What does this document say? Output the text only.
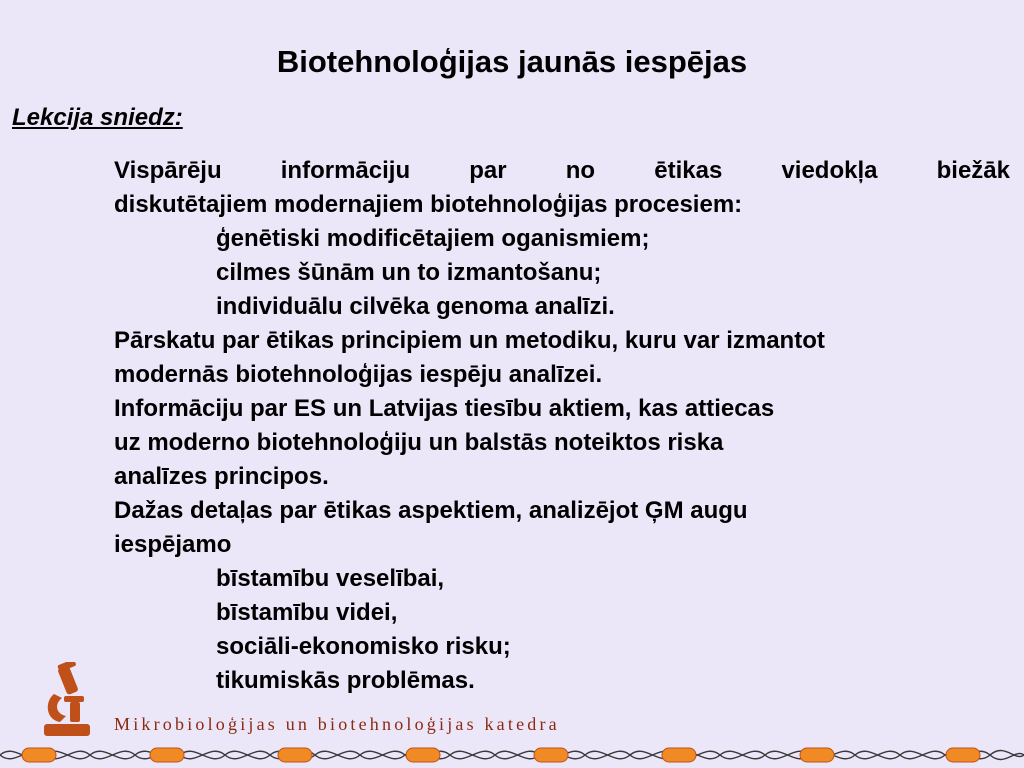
Biotehnoloģijas jaunās iespējas
Lekcija sniedz:
Vispārēju informāciju par no ētikas viedokļa biežāk
diskutētajiem modernajiem biotehnoloģijas procesiem:
ģenētiski modificētajiem oganismiem;
cilmes šūnām un to izmantošanu;
individuālu cilvēka genoma analīzi.
Pārskatu par ētikas principiem un metodiku, kuru var izmantot
modernās biotehnoloģijas iespēju analīzei.
Informāciju par ES un Latvijas tiesību aktiem, kas attiecas
uz moderno biotehnoloģiju un balstās noteiktos riska
analīzes principos.
Dažas detaļas par ētikas aspektiem, analizējot ĢM augu
iespējamo
bīstamību veselībai,
bīstamību videi,
sociāli-ekonomisko risku;
tikumiskās problēmas.
Mikrobioloģijas un biotehnoloģijas katedra
